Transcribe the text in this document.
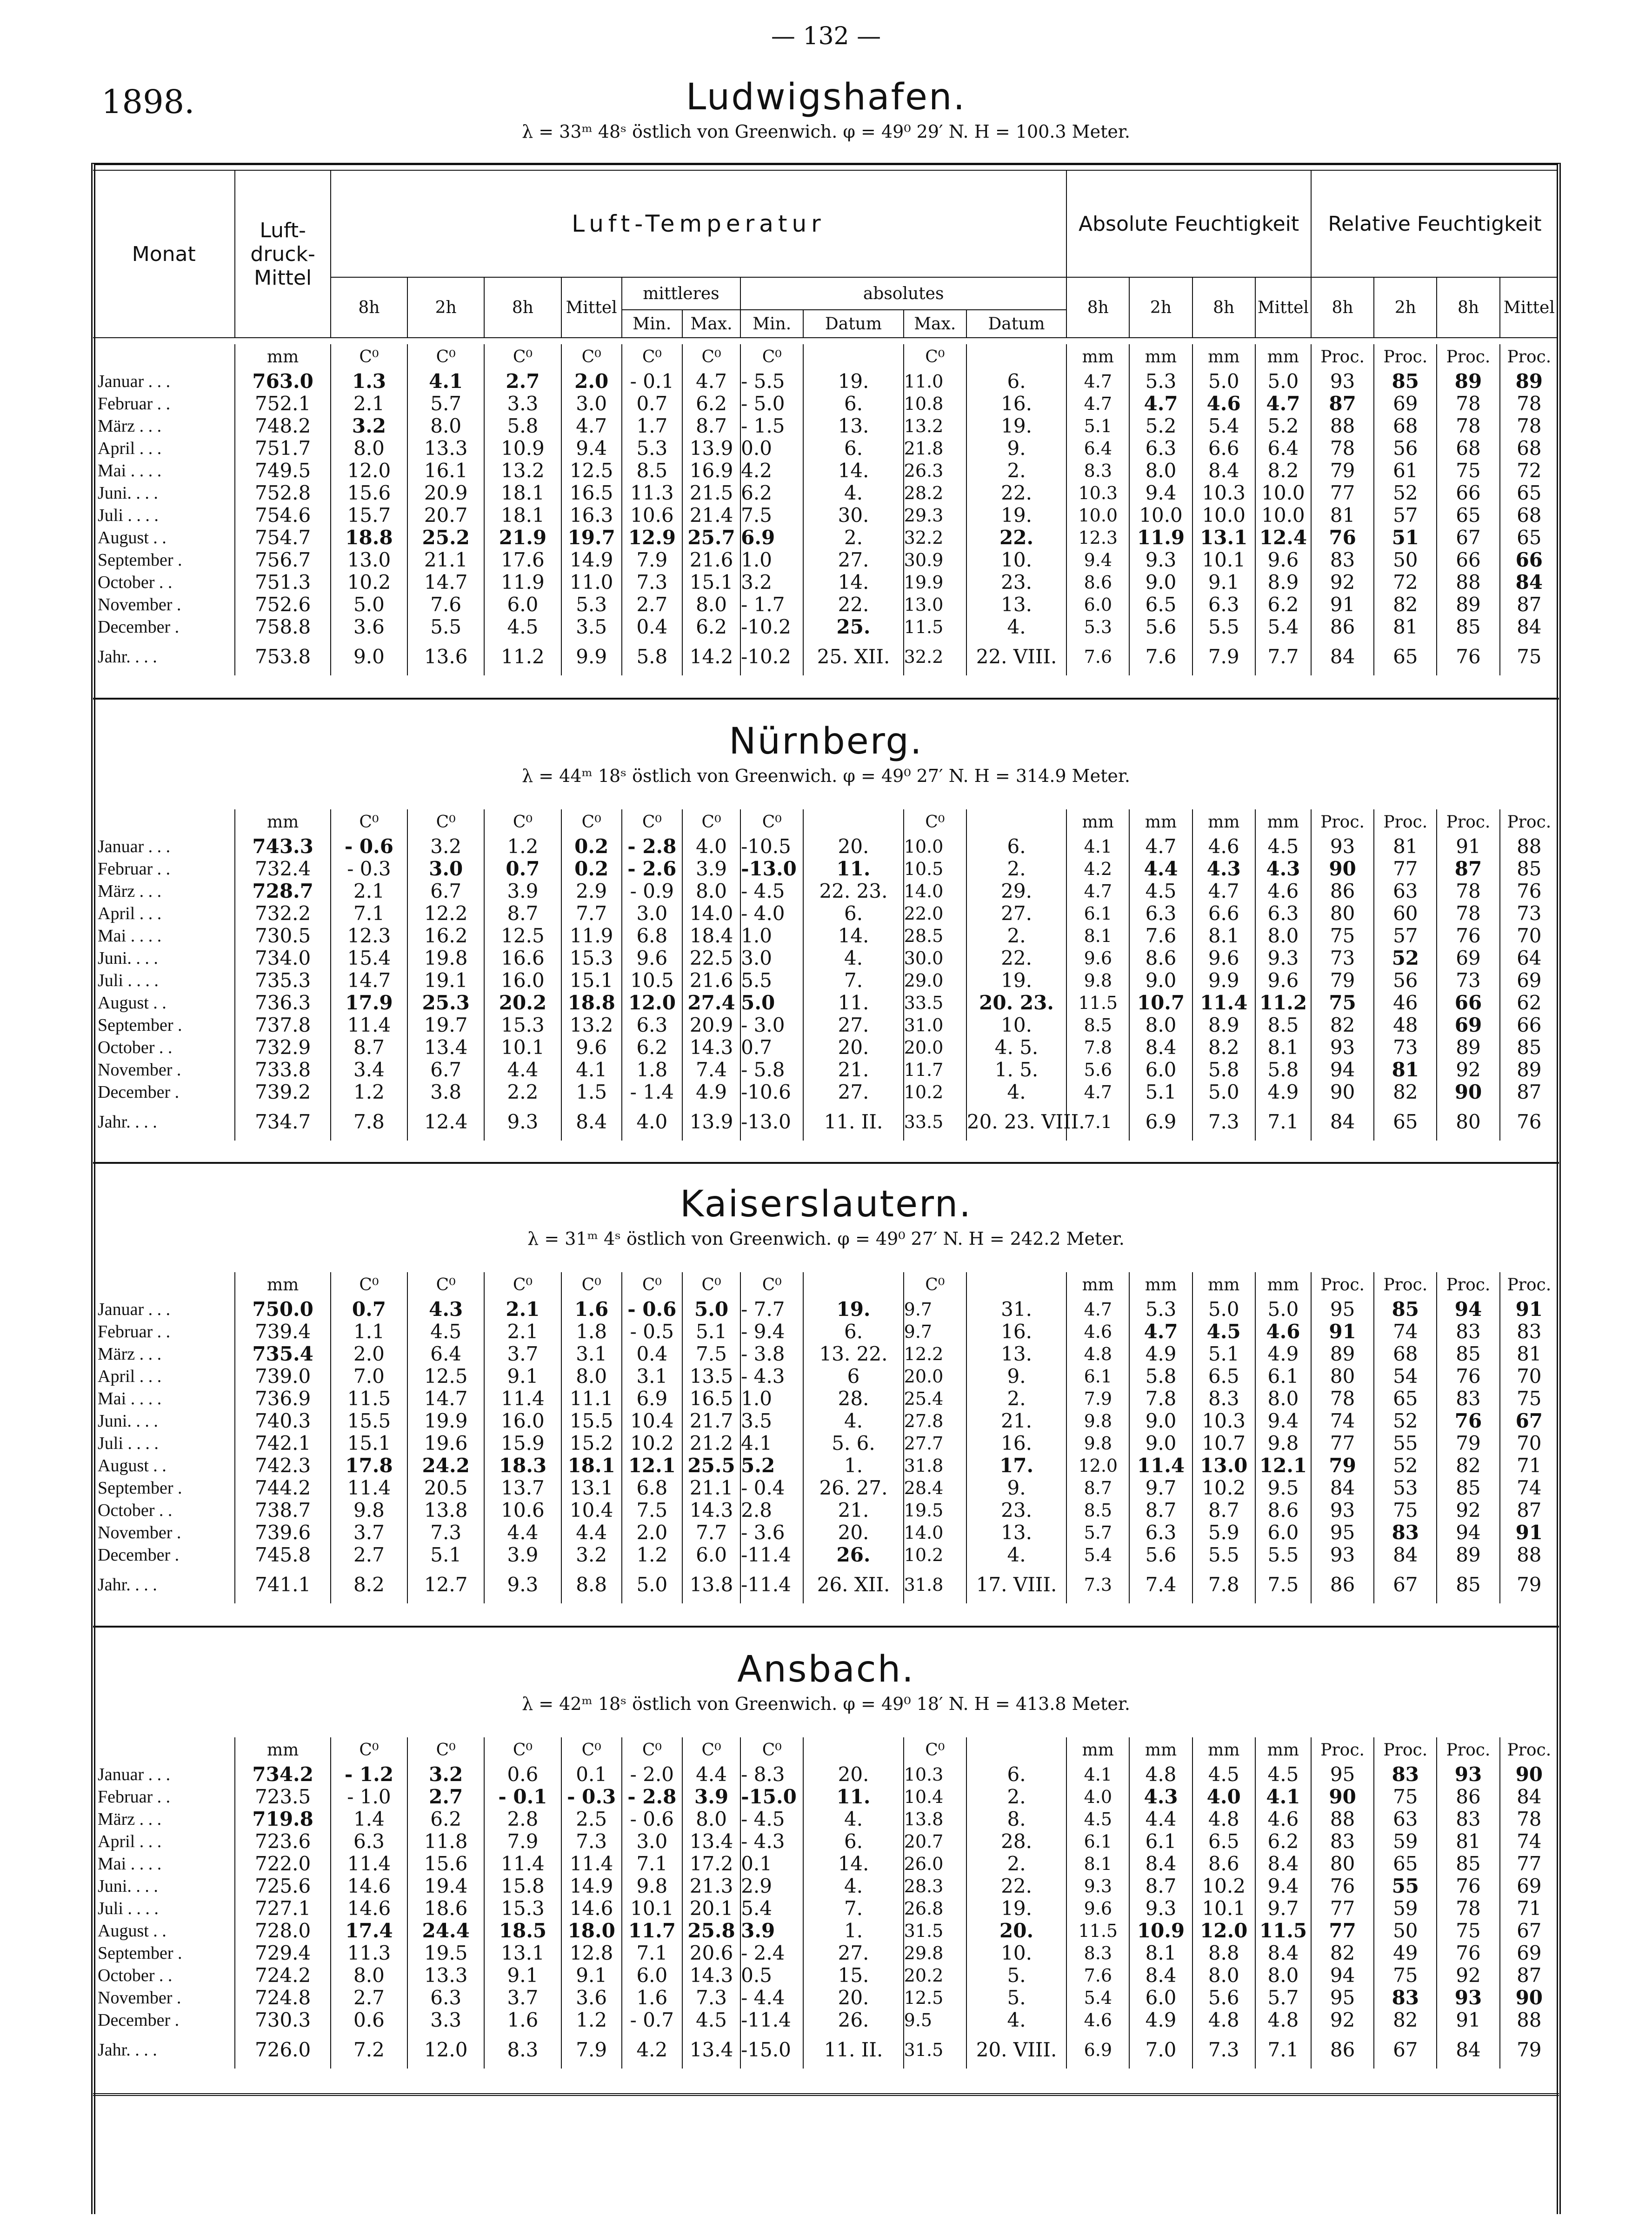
— 132 —
1898.	Ludwigshafen.
λ = 33ᵐ 48ˢ östlich von Greenwich. φ = 49⁰ 29′ N. H = 100.3 Meter.
Nürnberg.
λ = 44ᵐ 18ˢ östlich von Greenwich. φ = 49⁰ 27′ N. H = 314.9 Meter.
Kaiserslautern.
λ = 31ᵐ 4ˢ östlich von Greenwich. φ = 49⁰ 27′ N. H = 242.2 Meter.
Ansbach.
λ = 42ᵐ 18ˢ östlich von Greenwich. φ = 49⁰ 18′ N. H = 413.8 Meter.
Monat	Luft-druck-Mittel	Luft-Temperatur										Absolute Feuchtigkeit				Relative Feuchtigkeit			
		8h	2h	8h	Mittel	mittleres		absolutes				8h	2h	8h	Mittel	8h	2h	8h	Mittel
						Min.	Max.	Min.	Datum	Max.	Datum								
	mm	C⁰	C⁰	C⁰	C⁰	C⁰	C⁰	C⁰		C⁰		mm	mm	mm	mm	Proc.	Proc.	Proc.	Proc.
Januar . . .	763.0	1.3	4.1	2.7	2.0	- 0.1	4.7	- 5.5	19.	11.0	6.	4.7	5.3	5.0	5.0	93	85	89	89
Februar . .	752.1	2.1	5.7	3.3	3.0	0.7	6.2	- 5.0	6.	10.8	16.	4.7	4.7	4.6	4.7	87	69	78	78
März . . .	748.2	3.2	8.0	5.8	4.7	1.7	8.7	- 1.5	13.	13.2	19.	5.1	5.2	5.4	5.2	88	68	78	78
April . . .	751.7	8.0	13.3	10.9	9.4	5.3	13.9	0.0	6.	21.8	9.	6.4	6.3	6.6	6.4	78	56	68	68
Mai . . . .	749.5	12.0	16.1	13.2	12.5	8.5	16.9	4.2	14.	26.3	2.	8.3	8.0	8.4	8.2	79	61	75	72
Juni. . . .	752.8	15.6	20.9	18.1	16.5	11.3	21.5	6.2	4.	28.2	22.	10.3	9.4	10.3	10.0	77	52	66	65
Juli . . . .	754.6	15.7	20.7	18.1	16.3	10.6	21.4	7.5	30.	29.3	19.	10.0	10.0	10.0	10.0	81	57	65	68
August . .	754.7	18.8	25.2	21.9	19.7	12.9	25.7	6.9	2.	32.2	22.	12.3	11.9	13.1	12.4	76	51	67	65
September .	756.7	13.0	21.1	17.6	14.9	7.9	21.6	1.0	27.	30.9	10.	9.4	9.3	10.1	9.6	83	50	66	66
October . .	751.3	10.2	14.7	11.9	11.0	7.3	15.1	3.2	14.	19.9	23.	8.6	9.0	9.1	8.9	92	72	88	84
November .	752.6	5.0	7.6	6.0	5.3	2.7	8.0	- 1.7	22.	13.0	13.	6.0	6.5	6.3	6.2	91	82	89	87
December .	758.8	3.6	5.5	4.5	3.5	0.4	6.2	-10.2	25.	11.5	4.	5.3	5.6	5.5	5.4	86	81	85	84
Jahr. . . .	753.8	9.0	13.6	11.2	9.9	5.8	14.2	-10.2	25. XII.	32.2	22. VIII.	7.6	7.6	7.9	7.7	84	65	76	75
	mm	C⁰	C⁰	C⁰	C⁰	C⁰	C⁰	C⁰		C⁰		mm	mm	mm	mm	Proc.	Proc.	Proc.	Proc.
Januar . . .	743.3	- 0.6	3.2	1.2	0.2	- 2.8	4.0	-10.5	20.	10.0	6.	4.1	4.7	4.6	4.5	93	81	91	88
Februar . .	732.4	- 0.3	3.0	0.7	0.2	- 2.6	3.9	-13.0	11.	10.5	2.	4.2	4.4	4.3	4.3	90	77	87	85
März . . .	728.7	2.1	6.7	3.9	2.9	- 0.9	8.0	- 4.5	22. 23.	14.0	29.	4.7	4.5	4.7	4.6	86	63	78	76
April . . .	732.2	7.1	12.2	8.7	7.7	3.0	14.0	- 4.0	6.	22.0	27.	6.1	6.3	6.6	6.3	80	60	78	73
Mai . . . .	730.5	12.3	16.2	12.5	11.9	6.8	18.4	1.0	14.	28.5	2.	8.1	7.6	8.1	8.0	75	57	76	70
Juni. . . .	734.0	15.4	19.8	16.6	15.3	9.6	22.5	3.0	4.	30.0	22.	9.6	8.6	9.6	9.3	73	52	69	64
Juli . . . .	735.3	14.7	19.1	16.0	15.1	10.5	21.6	5.5	7.	29.0	19.	9.8	9.0	9.9	9.6	79	56	73	69
August . .	736.3	17.9	25.3	20.2	18.8	12.0	27.4	5.0	11.	33.5	20. 23.	11.5	10.7	11.4	11.2	75	46	66	62
September .	737.8	11.4	19.7	15.3	13.2	6.3	20.9	- 3.0	27.	31.0	10.	8.5	8.0	8.9	8.5	82	48	69	66
October . .	732.9	8.7	13.4	10.1	9.6	6.2	14.3	0.7	20.	20.0	4. 5.	7.8	8.4	8.2	8.1	93	73	89	85
November .	733.8	3.4	6.7	4.4	4.1	1.8	7.4	- 5.8	21.	11.7	1. 5.	5.6	6.0	5.8	5.8	94	81	92	89
December .	739.2	1.2	3.8	2.2	1.5	- 1.4	4.9	-10.6	27.	10.2	4.	4.7	5.1	5.0	4.9	90	82	90	87
Jahr. . . .	734.7	7.8	12.4	9.3	8.4	4.0	13.9	-13.0	11. II.	33.5	20. 23. VIII.	7.1	6.9	7.3	7.1	84	65	80	76
	mm	C⁰	C⁰	C⁰	C⁰	C⁰	C⁰	C⁰		C⁰		mm	mm	mm	mm	Proc.	Proc.	Proc.	Proc.
Januar . . .	750.0	0.7	4.3	2.1	1.6	- 0.6	5.0	- 7.7	19.	9.7	31.	4.7	5.3	5.0	5.0	95	85	94	91
Februar . .	739.4	1.1	4.5	2.1	1.8	- 0.5	5.1	- 9.4	6.	9.7	16.	4.6	4.7	4.5	4.6	91	74	83	83
März . . .	735.4	2.0	6.4	3.7	3.1	0.4	7.5	- 3.8	13. 22.	12.2	13.	4.8	4.9	5.1	4.9	89	68	85	81
April . . .	739.0	7.0	12.5	9.1	8.0	3.1	13.5	- 4.3	6	20.0	9.	6.1	5.8	6.5	6.1	80	54	76	70
Mai . . . .	736.9	11.5	14.7	11.4	11.1	6.9	16.5	1.0	28.	25.4	2.	7.9	7.8	8.3	8.0	78	65	83	75
Juni. . . .	740.3	15.5	19.9	16.0	15.5	10.4	21.7	3.5	4.	27.8	21.	9.8	9.0	10.3	9.4	74	52	76	67
Juli . . . .	742.1	15.1	19.6	15.9	15.2	10.2	21.2	4.1	5. 6.	27.7	16.	9.8	9.0	10.7	9.8	77	55	79	70
August . .	742.3	17.8	24.2	18.3	18.1	12.1	25.5	5.2	1.	31.8	17.	12.0	11.4	13.0	12.1	79	52	82	71
September .	744.2	11.4	20.5	13.7	13.1	6.8	21.1	- 0.4	26. 27.	28.4	9.	8.7	9.7	10.2	9.5	84	53	85	74
October . .	738.7	9.8	13.8	10.6	10.4	7.5	14.3	2.8	21.	19.5	23.	8.5	8.7	8.7	8.6	93	75	92	87
November .	739.6	3.7	7.3	4.4	4.4	2.0	7.7	- 3.6	20.	14.0	13.	5.7	6.3	5.9	6.0	95	83	94	91
December .	745.8	2.7	5.1	3.9	3.2	1.2	6.0	-11.4	26.	10.2	4.	5.4	5.6	5.5	5.5	93	84	89	88
Jahr. . . .	741.1	8.2	12.7	9.3	8.8	5.0	13.8	-11.4	26. XII.	31.8	17. VIII.	7.3	7.4	7.8	7.5	86	67	85	79
	mm	C⁰	C⁰	C⁰	C⁰	C⁰	C⁰	C⁰		C⁰		mm	mm	mm	mm	Proc.	Proc.	Proc.	Proc.
Januar . . .	734.2	- 1.2	3.2	0.6	0.1	- 2.0	4.4	- 8.3	20.	10.3	6.	4.1	4.8	4.5	4.5	95	83	93	90
Februar . .	723.5	- 1.0	2.7	- 0.1	- 0.3	- 2.8	3.9	-15.0	11.	10.4	2.	4.0	4.3	4.0	4.1	90	75	86	84
März . . .	719.8	1.4	6.2	2.8	2.5	- 0.6	8.0	- 4.5	4.	13.8	8.	4.5	4.4	4.8	4.6	88	63	83	78
April . . .	723.6	6.3	11.8	7.9	7.3	3.0	13.4	- 4.3	6.	20.7	28.	6.1	6.1	6.5	6.2	83	59	81	74
Mai . . . .	722.0	11.4	15.6	11.4	11.4	7.1	17.2	0.1	14.	26.0	2.	8.1	8.4	8.6	8.4	80	65	85	77
Juni. . . .	725.6	14.6	19.4	15.8	14.9	9.8	21.3	2.9	4.	28.3	22.	9.3	8.7	10.2	9.4	76	55	76	69
Juli . . . .	727.1	14.6	18.6	15.3	14.6	10.1	20.1	5.4	7.	26.8	19.	9.6	9.3	10.1	9.7	77	59	78	71
August . .	728.0	17.4	24.4	18.5	18.0	11.7	25.8	3.9	1.	31.5	20.	11.5	10.9	12.0	11.5	77	50	75	67
September .	729.4	11.3	19.5	13.1	12.8	7.1	20.6	- 2.4	27.	29.8	10.	8.3	8.1	8.8	8.4	82	49	76	69
October . .	724.2	8.0	13.3	9.1	9.1	6.0	14.3	0.5	15.	20.2	5.	7.6	8.4	8.0	8.0	94	75	92	87
November .	724.8	2.7	6.3	3.7	3.6	1.6	7.3	- 4.4	20.	12.5	5.	5.4	6.0	5.6	5.7	95	83	93	90
December .	730.3	0.6	3.3	1.6	1.2	- 0.7	4.5	-11.4	26.	9.5	4.	4.6	4.9	4.8	4.8	92	82	91	88
Jahr. . . .	726.0	7.2	12.0	8.3	7.9	4.2	13.4	-15.0	11. II.	31.5	20. VIII.	6.9	7.0	7.3	7.1	86	67	84	79
